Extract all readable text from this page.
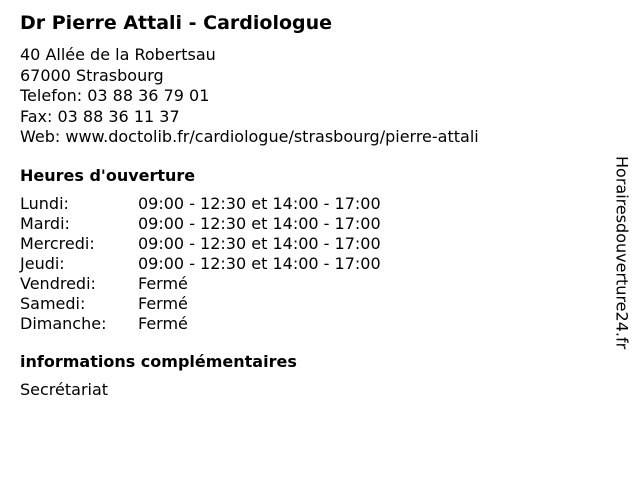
Dr Pierre Attali - Cardiologue
40 Allée de la Robertsau
67000 Strasbourg
Telefon: 03 88 36 79 01
Fax: 03 88 36 11 37
Web: www.doctolib.fr/cardiologue/strasbourg/pierre-attali
Heures d'ouverture
Lundi:	09:00 - 12:30 et 14:00 - 17:00
Mardi:	09:00 - 12:30 et 14:00 - 17:00
Mercredi:	09:00 - 12:30 et 14:00 - 17:00
Jeudi:	09:00 - 12:30 et 14:00 - 17:00
Vendredi:	Fermé
Samedi:	Fermé
Dimanche:	Fermé
informations complémentaires
Secrétariat
Horairesdouverture24.fr
